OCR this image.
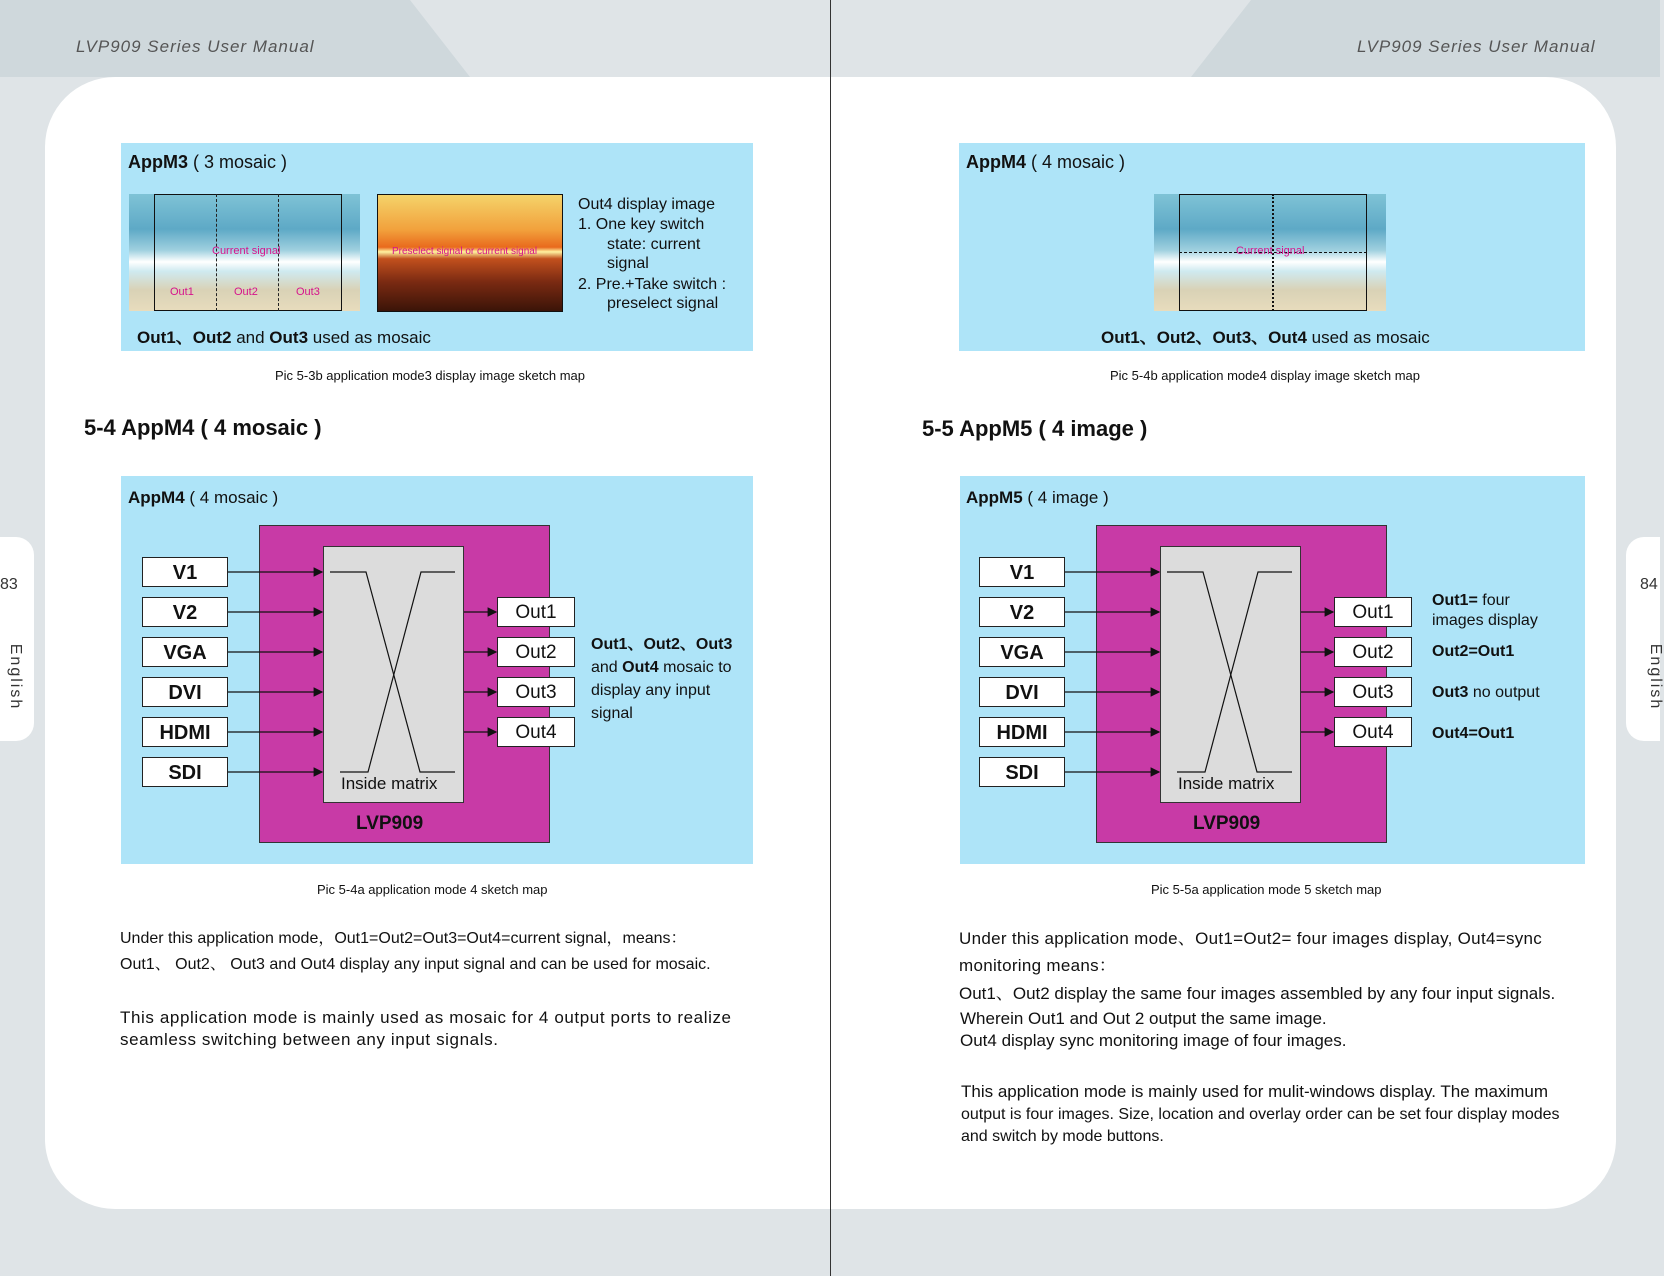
LVP909 Series User Manual	LVP909 Series User Manual
83	84
English	English
AppM3 ( 3 mosaic )
Current signal
Out1	Out2	Out3
Preselect signal or current signal
Out4 display image
1. One key switch
state: current
signal
2. Pre.+Take switch :
preselect signal
Out1、Out2 and Out3 used as mosaic
Pic 5-3b application mode3 display image sketch map
5-4 AppM4 ( 4 mosaic )
AppM4 ( 4 mosaic )
V1
V2
VGA
DVI
HDMI
SDI
Out1
Out2
Out3
Out4
Inside matrix
LVP909
Out1、Out2、Out3
and Out4 mosaic to
display any input
signal
Pic 5-4a application mode 4 sketch map
Under this application mode，Out1=Out2=Out3=Out4=current signal，means：
Out1、 Out2、 Out3 and Out4 display any input signal and can be used for mosaic.
This application mode is mainly used as mosaic for 4 output ports to realize
seamless switching between any input signals.
AppM4 ( 4 mosaic )
Current signal
Out1、Out2、Out3、Out4 used as mosaic
Pic 5-4b application mode4 display image sketch map
5-5 AppM5 ( 4 image )
AppM5 ( 4 image )
V1
V2
VGA
DVI
HDMI
SDI
Out1
Out2
Out3
Out4
Inside matrix
LVP909
Out1= four
images display
Out2=Out1
Out3 no output
Out4=Out1
Pic 5-5a application mode 5 sketch map
Under this application mode、Out1=Out2= four images display, Out4=sync
monitoring means：
Out1、Out2 display the same four images assembled by any four input signals.
Wherein Out1 and Out 2 output the same image.
Out4 display sync monitoring image of four images.
This application mode is mainly used for mulit-windows display. The maximum
output is four images. Size, location and overlay order can be set four display modes
and switch by mode buttons.
